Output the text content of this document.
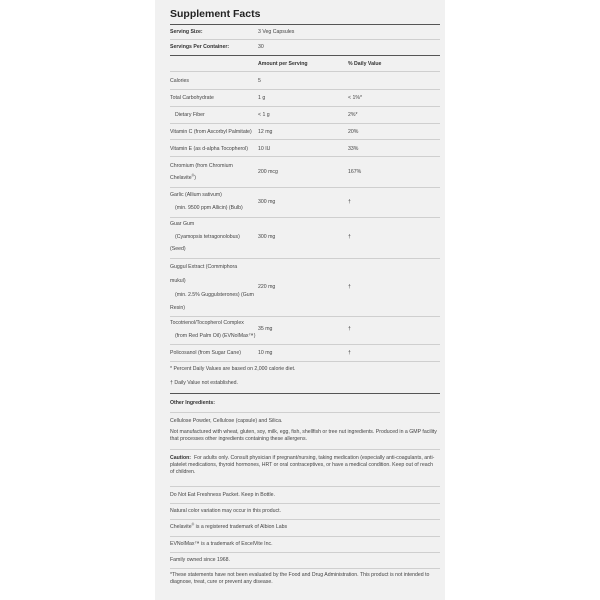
Supplement Facts
Serving Size:	3 Veg Capsules
Servings Per Container:	30
Amount per Serving	% Daily Value
Calories	5
Total Carbohydrate	1 g	< 1%*
Dietary Fiber	< 1 g	2%*
Vitamin C (from Ascorbyl Palmitate) 12 mg	20%
Vitamin E (as d-alpha Tocopherol) 10 IU	33%
Chromium (from Chromium
Chelavite®)
200 mcg	167%
Garlic (Allium sativum)
(min. 9500 ppm Allicin) (Bulb)
300 mg	†
Guar Gum
(Cyamopsis tetragonolobus)
(Seed)
300 mg	†
Guggul Extract (Commiphora
mukul)
(min. 2.5% Guggulsterones) (Gum
Resin)
220 mg	†
Tocotrienol/Tocopherol Complex
(from Red Palm Oil) (EVNolMax™)
35 mg	†
Policosanol (from Sugar Cane)	10 mg	†
* Percent Daily Values are based on 2,000 calorie diet.
† Daily Value not established.
Other Ingredients:
Cellulose Powder, Cellulose (capsule) and Silica.
Not manufactured with wheat, gluten, soy, milk, egg, fish, shellfish or tree nut ingredients. Produced in a GMP facility that processes other ingredients containing these allergens.
Caution: For adults only. Consult physician if pregnant/nursing, taking medication (especially anti-coagulants, anti-platelet medications, thyroid hormones, HRT or oral contraceptives, or have a medical condition. Keep out of reach of children.
Do Not Eat Freshness Packet. Keep in Bottle.
Natural color variation may occur in this product.
Chelavite® is a registered trademark of Albion Labs
EVNolMax™ is a trademark of ExcelVite Inc.
Family owned since 1968.
*These statements have not been evaluated by the Food and Drug Administration. This product is not intended to diagnose, treat, cure or prevent any disease.
